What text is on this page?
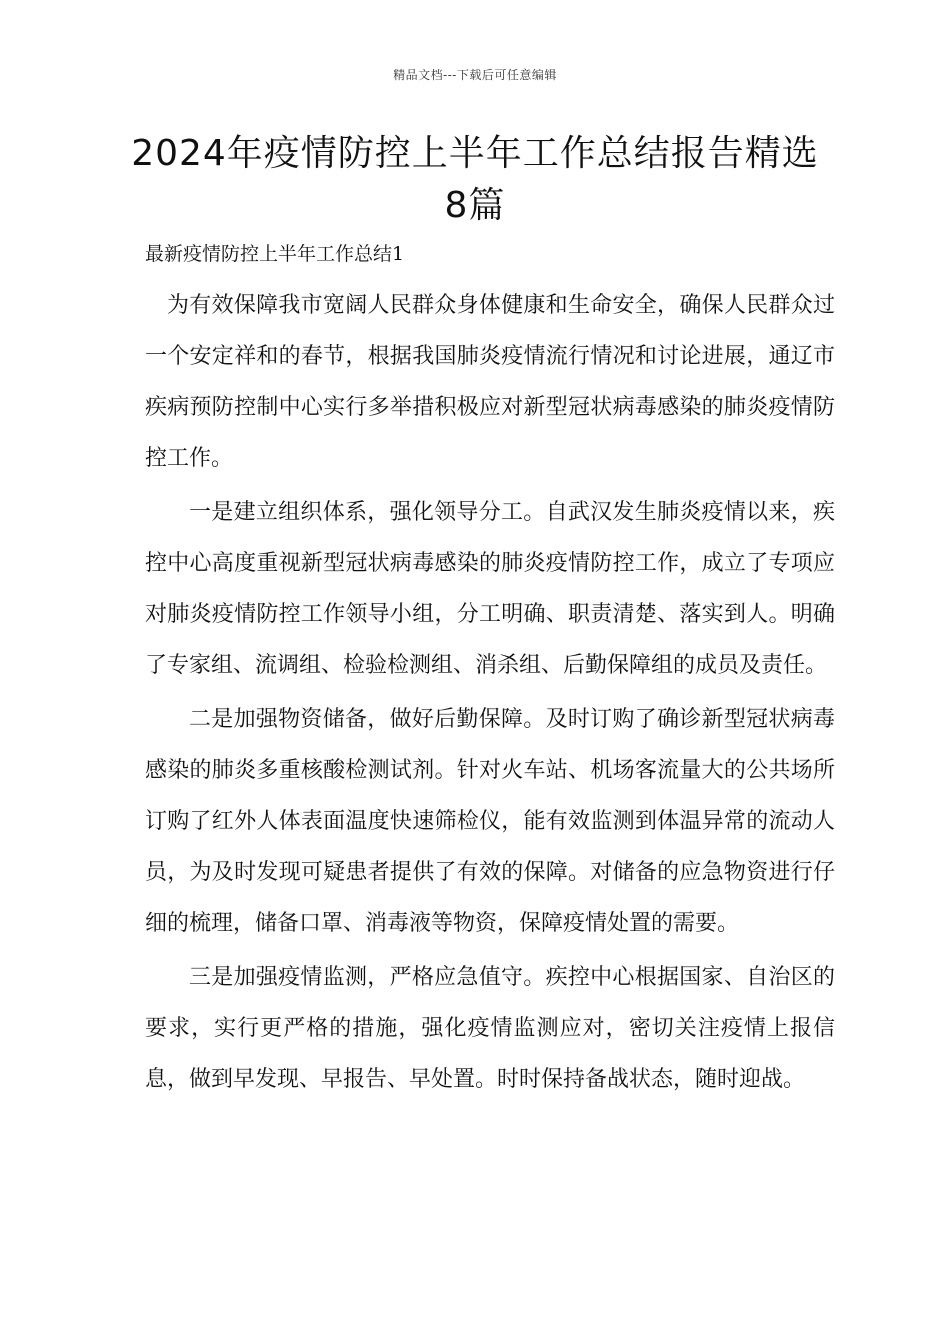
精品文档---下载后可任意编辑
2024年疫情防控上半年工作总结报告精选8篇
最新疫情防控上半年工作总结1

为有效保障我市宽阔人民群众身体健康和生命安全，确保人民群众过一个安定祥和的春节，根据我国肺炎疫情流行情况和讨论进展，通辽市疾病预防控制中心实行多举措积极应对新型冠状病毒感染的肺炎疫情防控工作。

一是建立组织体系，强化领导分工。自武汉发生肺炎疫情以来，疾控中心高度重视新型冠状病毒感染的肺炎疫情防控工作，成立了专项应对肺炎疫情防控工作领导小组，分工明确、职责清楚、落实到人。明确了专家组、流调组、检验检测组、消杀组、后勤保障组的成员及责任。

二是加强物资储备，做好后勤保障。及时订购了确诊新型冠状病毒感染的肺炎多重核酸检测试剂。针对火车站、机场客流量大的公共场所订购了红外人体表面温度快速筛检仪，能有效监测到体温异常的流动人员，为及时发现可疑患者提供了有效的保障。对储备的应急物资进行仔细的梳理，储备口罩、消毒液等物资，保障疫情处置的需要。

三是加强疫情监测，严格应急值守。疾控中心根据国家、自治区的要求，实行更严格的措施，强化疫情监测应对，密切关注疫情上报信息，做到早发现、早报告、早处置。时时保持备战状态，随时迎战。
